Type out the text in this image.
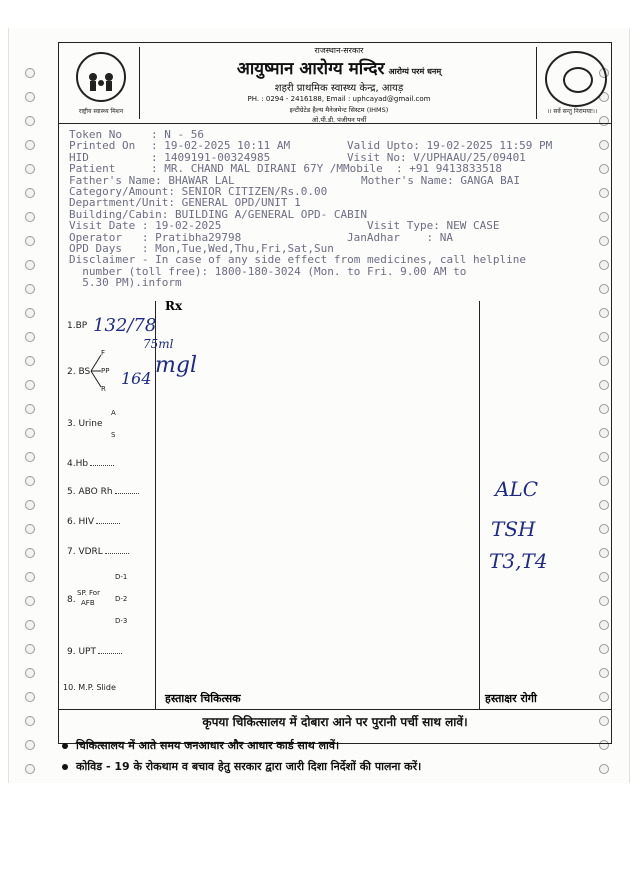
राष्ट्रीय स्वास्थ्य मिशन
राजस्थान-सरकार
आयुष्मान आरोग्य मन्दिर आरोग्यं परमं धनम्
शहरी प्राथमिक स्वास्थ्य केन्द्र, आयड़
PH. : 0294 - 2416188, Email : uphcayad@gmail.com
इन्टीग्रेटेड हैल्थ मैनेजमेन्ट सिस्टम (IHMS)
ओ.पी.डी. पंजीयन पर्ची
।। सर्वे सन्तु निरामयाः।।
Token No	: N - 56
Printed On : 19-02-2025 10:11 AM	Valid Upto: 19-02-2025 11:59 PM
HID	: 1409191-00324985	Visit No: V/UPHAAU/25/09401
Patient	: MR. CHAND MAL DIRANI 67Y /MMobile  : +91 9413833518
Father's Name: BHAWAR LAL	Mother's Name: GANGA BAI
Category/Amount: SENIOR CITIZEN/Rs.0.00
Department/Unit: GENERAL OPD/UNIT 1
Building/Cabin: BUILDING A/GENERAL OPD- CABIN
Visit Date : 19-02-2025	Visit Type: NEW CASE
Operator   : Pratibha29798	JanAdhar    : NA
OPD Days   : Mon,Tue,Wed,Thu,Fri,Sat,Sun
Disclaimer - In case of any side effect from medicines, call helpline
number (toll free): 1800-180-3024 (Mon. to Fri. 9.00 AM to
5.30 PM).inform
Rx
1.BP
2. BS
F
PP
R
3. Urine
A
S
4.Hb
5. ABO Rh
6. HIV
7. VDRL
8.
SP. For
AFB
D-1
D-2
D-3
9. UPT
10. M.P. Slide
132/78
75ml
164
mgl
ALC
TSH
T3,T4
हस्ताक्षर चिकित्सक	हस्ताक्षर रोगी
कृपया चिकित्सालय में दोबारा आने पर पुरानी पर्ची साथ लावें।
चिकित्सालय में आते समय जनआधार और आधार कार्ड साथ लावें।
कोविड - 19 के रोकथाम व बचाव हेतु सरकार द्वारा जारी दिशा निर्देशों की पालना करें।
